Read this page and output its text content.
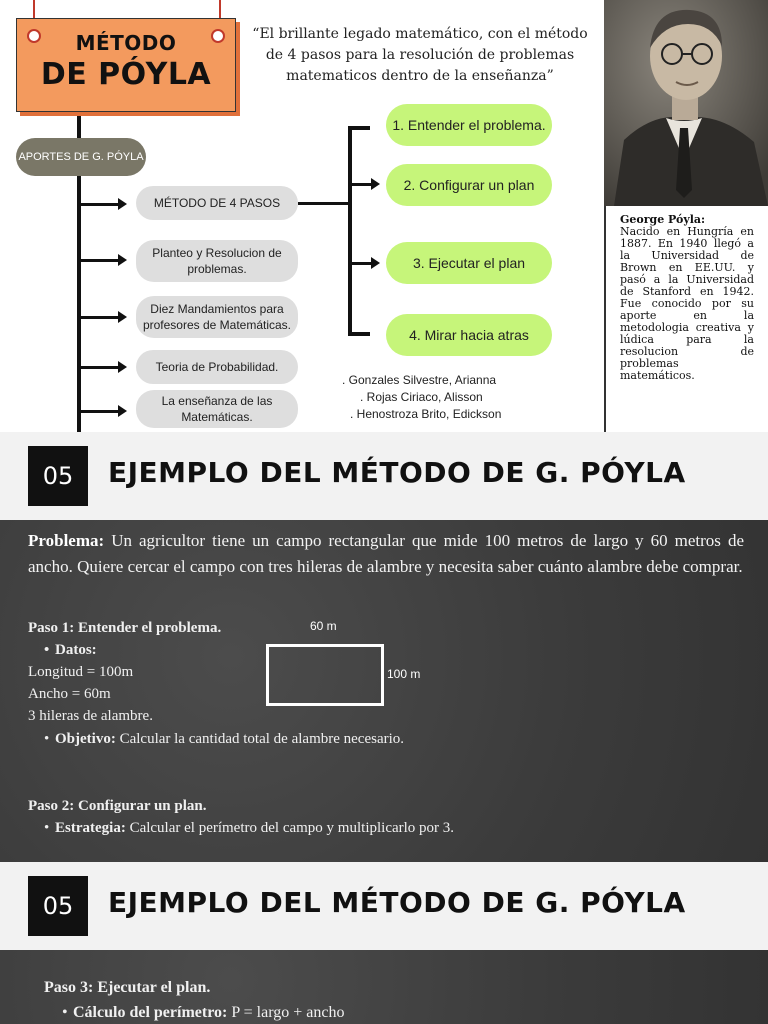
MÉTODO
DE PÓYLA
“El brillante legado matemático, con el método de 4 pasos para la resolución de problemas matematicos dentro de la enseñanza”
APORTES DE G. PÓYLA
MÉTODO DE 4 PASOS
Planteo y Resolucion de problemas.
Diez Mandamientos para profesores de Matemáticas.
Teoria de Probabilidad.
La enseñanza de las Matemáticas.
1. Entender el problema.
2. Configurar un plan
3. Ejecutar el plan
4. Mirar hacia atras
. Gonzales Silvestre, Arianna
. Rojas Ciriaco, Alisson
. Henostroza Brito, Edickson
George Póyla:
Nacido en Hungría en 1887. En 1940 llegó a la Universidad de Brown en EE.UU. y pasó a la Universidad de Stanford en 1942. Fue conocido por su aporte en la metodologia creativa y lúdica para la resolucion de problemas matemáticos.
05	EJEMPLO DEL MÉTODO DE G. PÓYLA
Problema: Un agricultor tiene un campo rectangular que mide 100 metros de largo y 60 metros de ancho. Quiere cercar el campo con tres hileras de alambre y necesita saber cuánto alambre debe comprar.
Paso 1: Entender el problema.
• Datos:
Longitud = 100m
Ancho = 60m
3 hileras de alambre.
• Objetivo: Calcular la cantidad total de alambre necesario.
60 m
100 m
Paso 2: Configurar un plan.
• Estrategia: Calcular el perímetro del campo y multiplicarlo por 3.
05	EJEMPLO DEL MÉTODO DE G. PÓYLA
Paso 3: Ejecutar el plan.
• Cálculo del perímetro: P = largo + ancho
